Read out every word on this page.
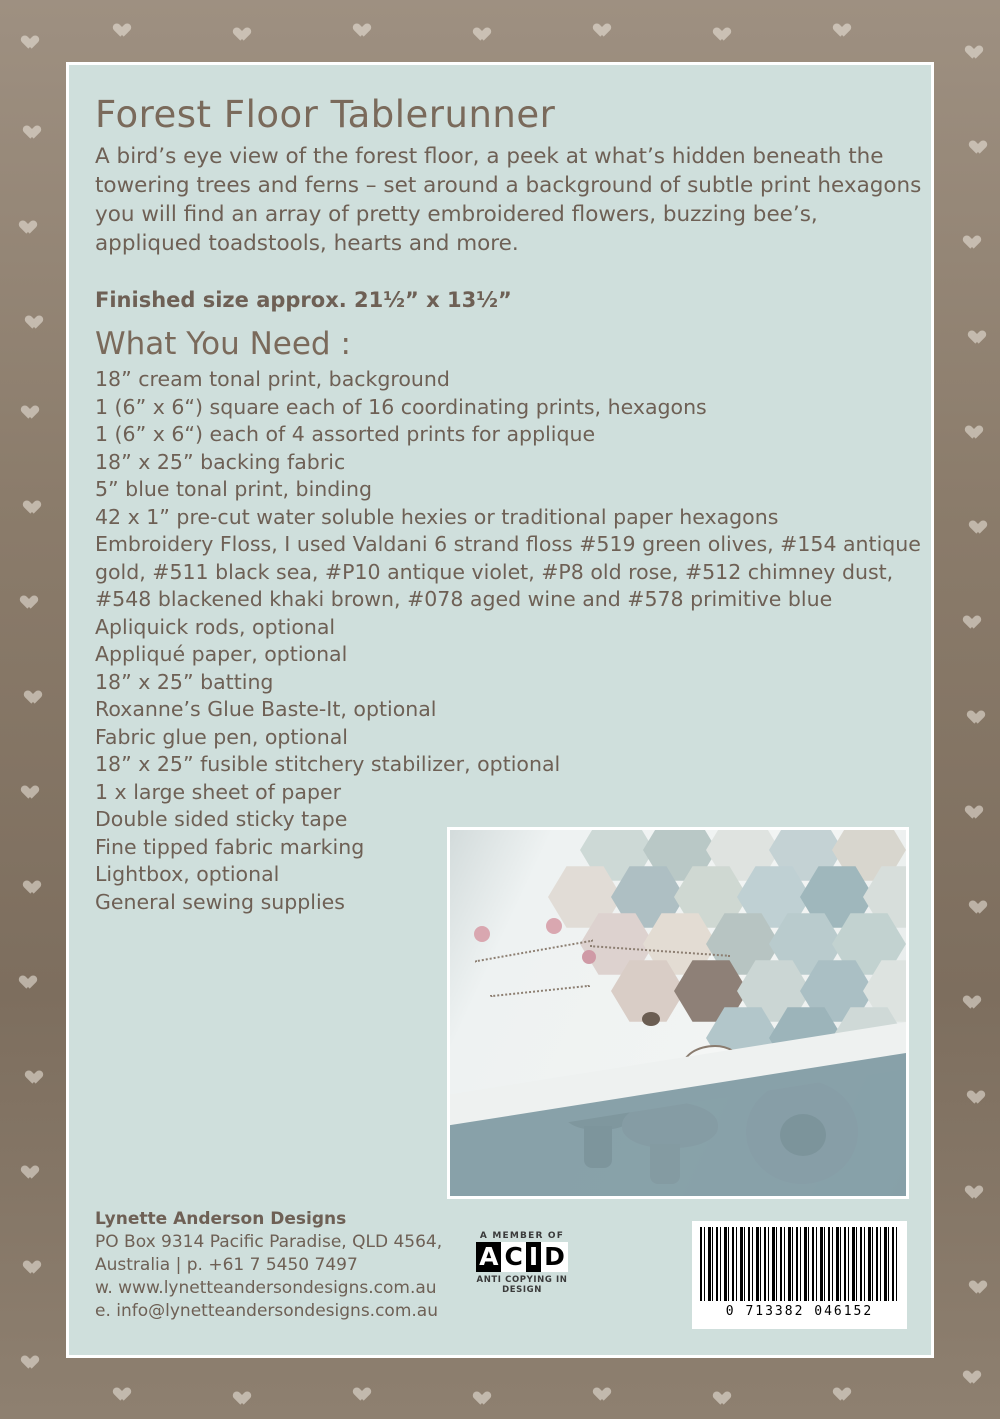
Forest Floor Tablerunner
A bird’s eye view of the forest floor, a peek at what’s hidden beneath the towering trees and ferns – set around a background of subtle print hexagons you will find an array of pretty embroidered flowers, buzzing bee’s, appliqued toadstools, hearts and more.
Finished size approx. 21½” x 13½”
What You Need :
18” cream tonal print, background
1 (6” x 6“) square each of 16 coordinating prints, hexagons
1 (6” x 6“) each of 4 assorted prints for applique
18” x 25” backing fabric
5” blue tonal print, binding
42 x 1” pre-cut water soluble hexies or traditional paper hexagons
Embroidery Floss, I used Valdani 6 strand floss #519 green olives, #154 antique gold, #511 black sea, #P10 antique violet, #P8 old rose, #512 chimney dust, #548 blackened khaki brown, #078 aged wine and #578 primitive blue
Apliquick rods, optional
Appliqué paper, optional
18” x 25” batting
Roxanne’s Glue Baste-It, optional
Fabric glue pen, optional
18” x 25” fusible stitchery stabilizer, optional
1 x large sheet of paper
Double sided sticky tape
Fine tipped fabric marking
Lightbox, optional
General sewing supplies
Lynette Anderson Designs
PO Box 9314 Pacific Paradise, QLD 4564,
Australia | p. +61 7 5450 7497
w. www.lynetteandersondesigns.com.au
e. info@lynetteandersondesigns.com.au
A MEMBER OF
A C I D
ANTI COPYING IN DESIGN
0 713382 046152
